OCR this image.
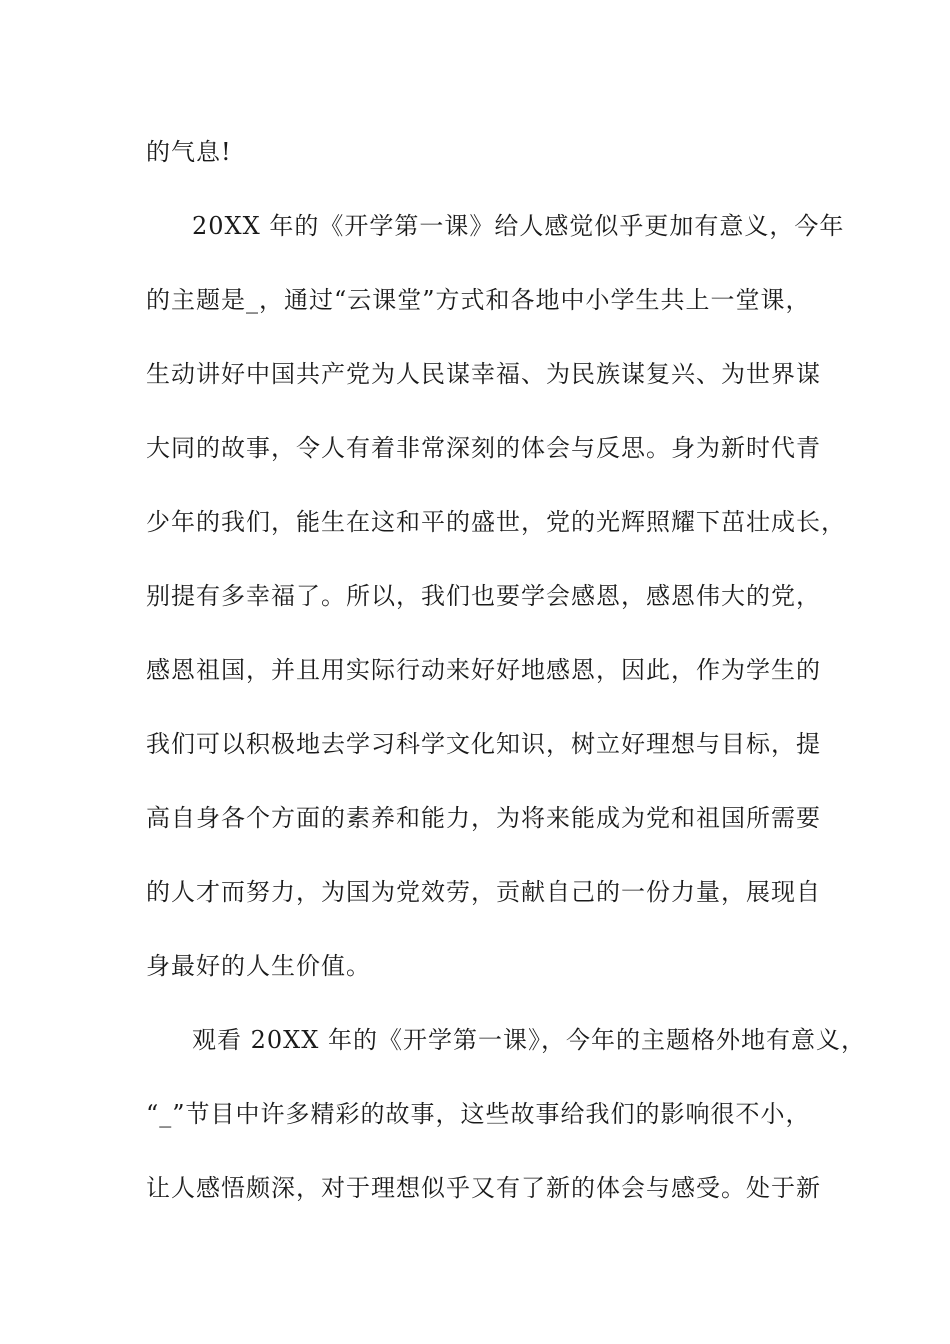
的气息!
20XX 年的《开学第一课》给人感觉似乎更加有意义，今年
的主题是_，通过“云课堂”方式和各地中小学生共上一堂课，
生动讲好中国共产党为人民谋幸福、为民族谋复兴、为世界谋
大同的故事，令人有着非常深刻的体会与反思。身为新时代青
少年的我们，能生在这和平的盛世，党的光辉照耀下茁壮成长，
别提有多幸福了。所以，我们也要学会感恩，感恩伟大的党，
感恩祖国，并且用实际行动来好好地感恩，因此，作为学生的
我们可以积极地去学习科学文化知识，树立好理想与目标，提
高自身各个方面的素养和能力，为将来能成为党和祖国所需要
的人才而努力，为国为党效劳，贡献自己的一份力量，展现自
身最好的人生价值。
观看 20XX 年的《开学第一课》，今年的主题格外地有意义，
“_”节目中许多精彩的故事，这些故事给我们的影响很不小，
让人感悟颇深，对于理想似乎又有了新的体会与感受。处于新
